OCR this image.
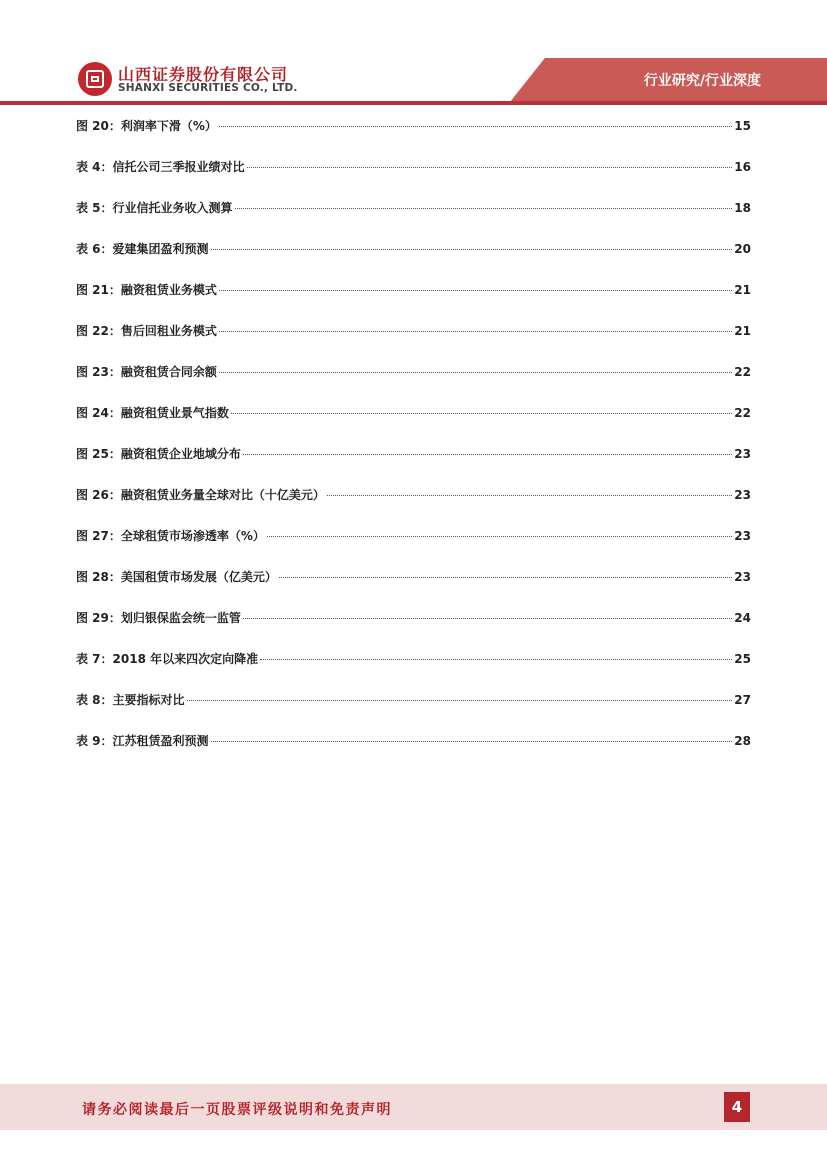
山西证券股份有限公司
SHANXI SECURITIES CO., LTD.	行业研究/行业深度
图 20：利润率下滑（%）	15
表 4：信托公司三季报业绩对比	16
表 5：行业信托业务收入测算	18
表 6：爱建集团盈利预测	20
图 21：融资租赁业务模式	21
图 22：售后回租业务模式	21
图 23：融资租赁合同余额	22
图 24：融资租赁业景气指数	22
图 25：融资租赁企业地域分布	23
图 26：融资租赁业务量全球对比（十亿美元）	23
图 27：全球租赁市场渗透率（%）	23
图 28：美国租赁市场发展（亿美元）	23
图 29：划归银保监会统一监管	24
表 7：2018 年以来四次定向降准	25
表 8：主要指标对比	27
表 9：江苏租赁盈利预测	28
请务必阅读最后一页股票评级说明和免责声明	4
